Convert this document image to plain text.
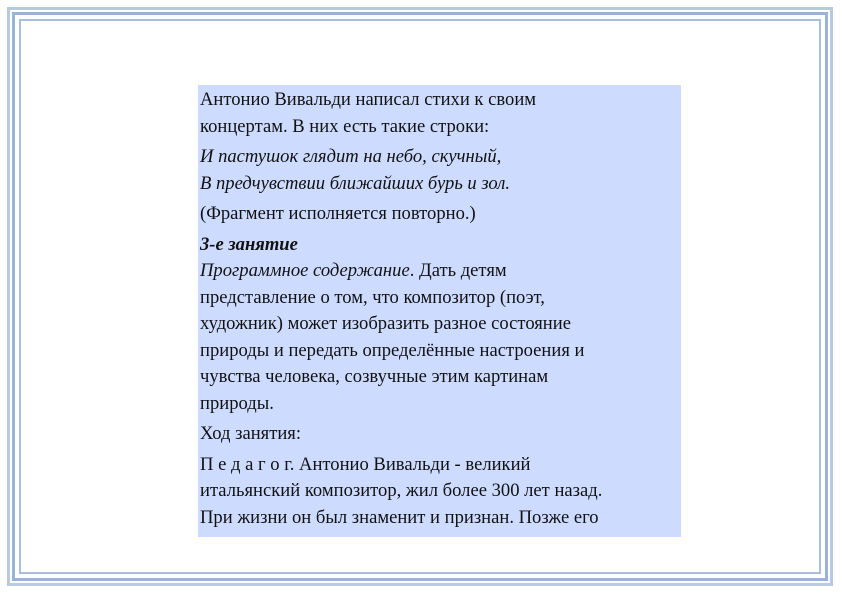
Антонио Вивальди написал стихи к своим
концертам. В них есть такие строки:

И пастушок глядит на небо, скучный,
В предчувствии ближайших бурь и зол.

(Фрагмент исполняется повторно.)

3-е занятие
Программное содержание. Дать детям
представление о том, что композитор (поэт,
художник) может изобразить разное состояние
природы и передать определённые настроения и
чувства человека, созвучные этим картинам
природы.

Ход занятия:

П е д а г о г. Антонио Вивальди - великий
итальянский композитор, жил более 300 лет назад.
При жизни он был знаменит и признан. Позже его
